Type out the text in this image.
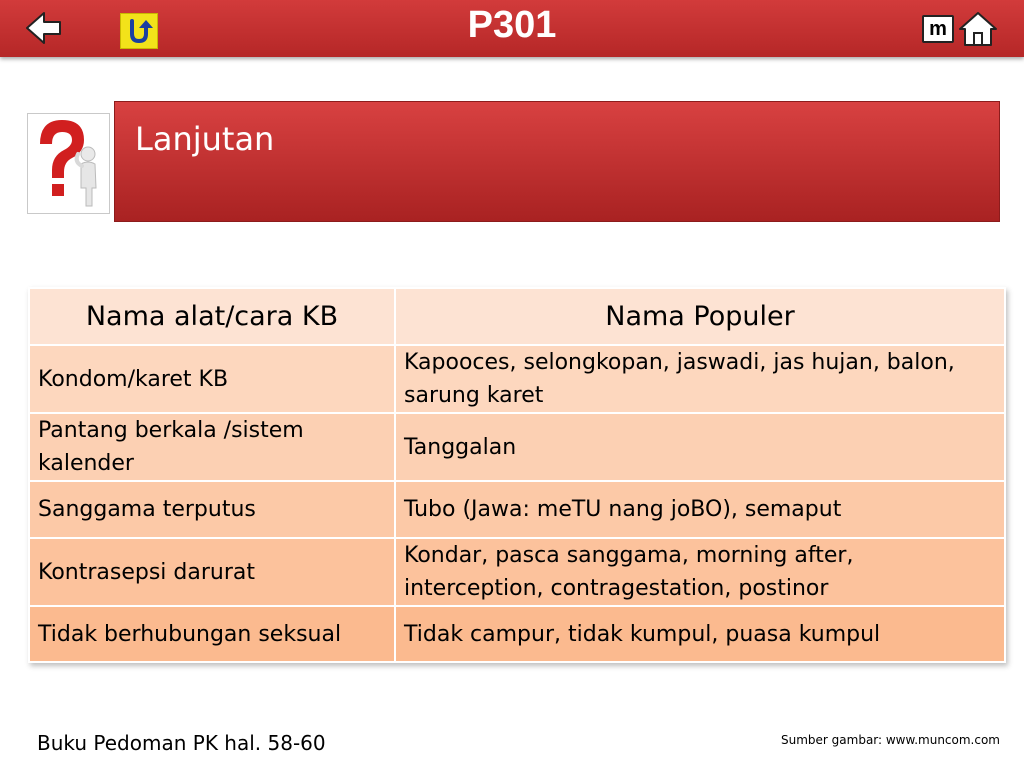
P301	m
Lanjutan
Nama alat/cara KB	Nama Populer
Kondom/karet KB	Kapooces, selongkopan, jaswadi, jas hujan, balon, sarung karet
Pantang berkala /sistem kalender	Tanggalan
Sanggama terputus	Tubo (Jawa: meTU nang joBO), semaput
Kontrasepsi darurat	Kondar, pasca sanggama, morning after, interception, contragestation, postinor
Tidak berhubungan seksual	Tidak campur, tidak kumpul, puasa kumpul
Buku Pedoman PK hal. 58-60	Sumber gambar: www.muncom.com
